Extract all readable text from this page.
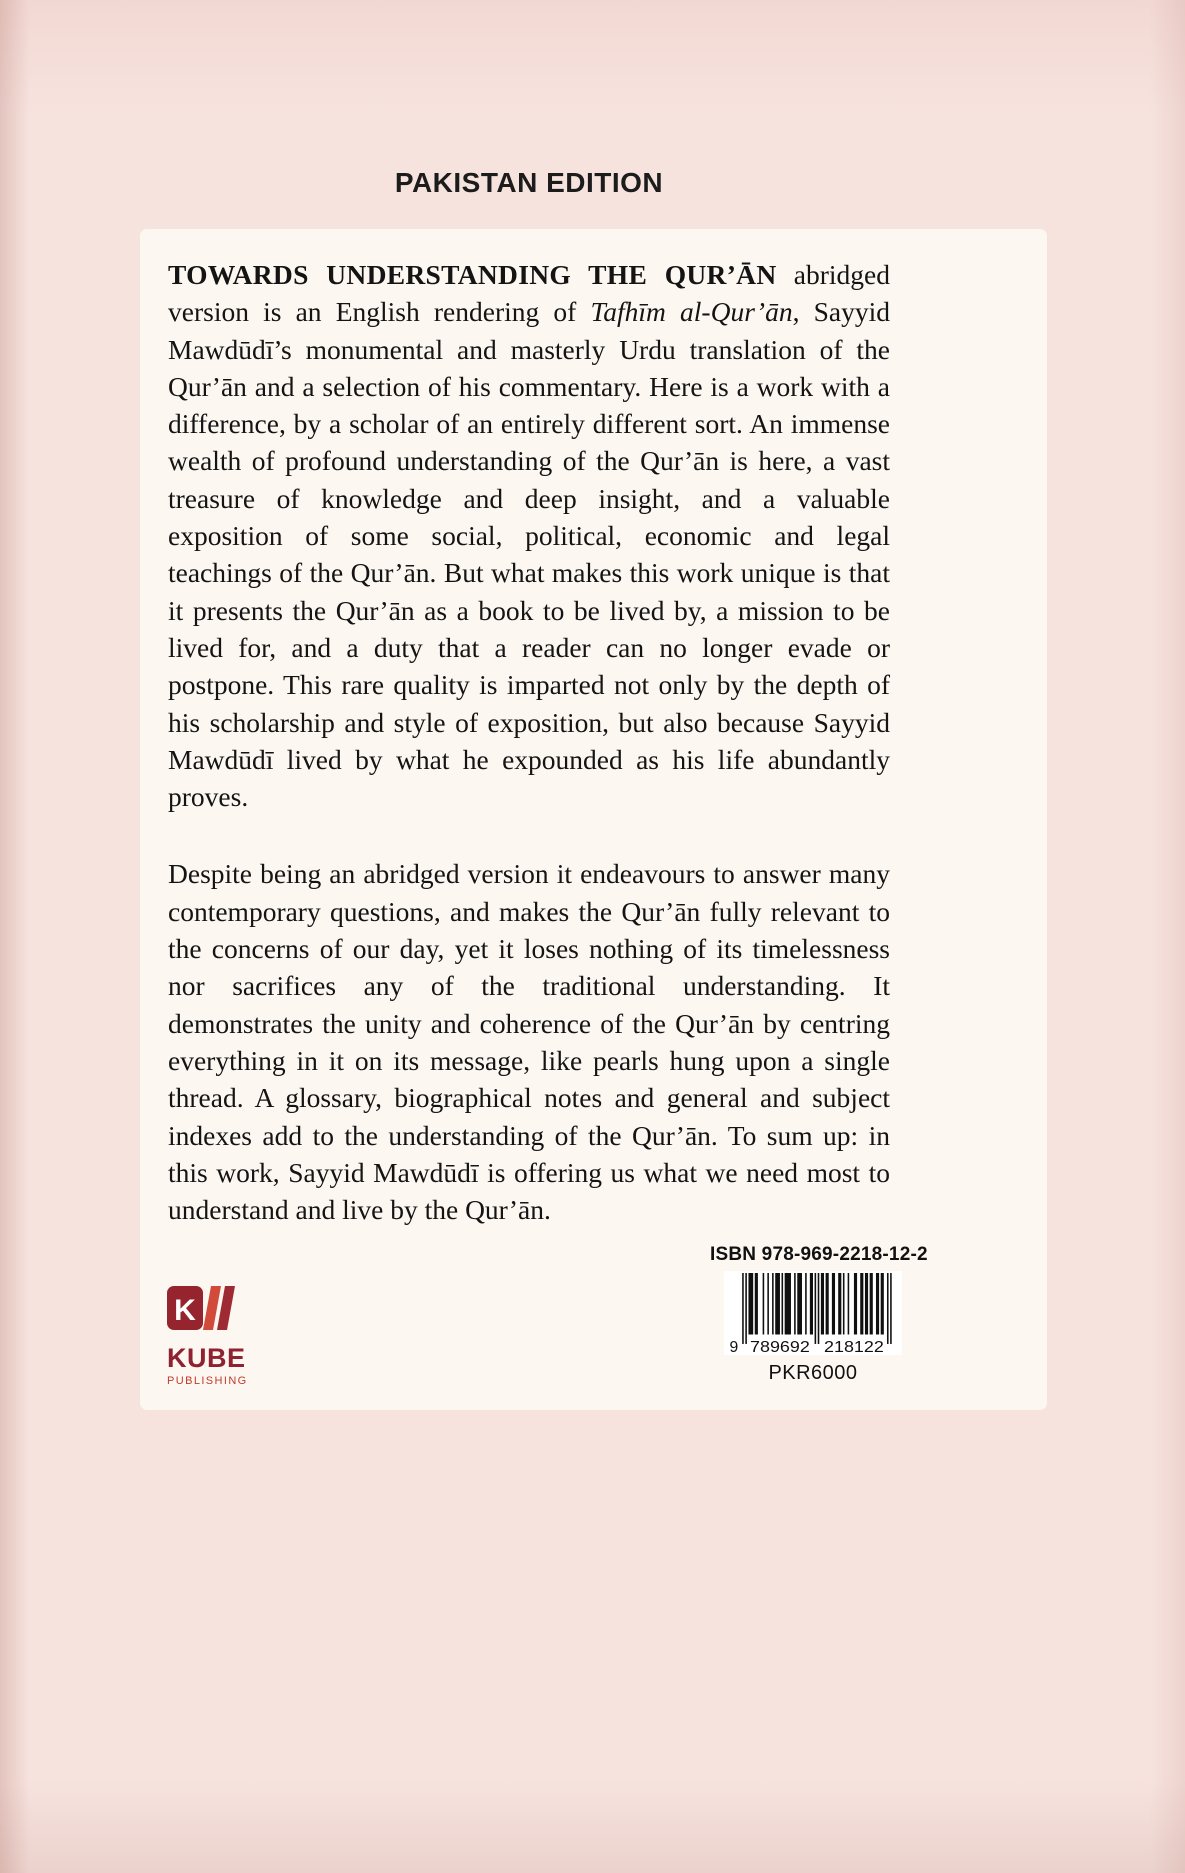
PAKISTAN EDITION

TOWARDS UNDERSTANDING THE QUR’ĀN abridged version is an English rendering of Tafhīm al-Qur’ān, Sayyid Mawdūdī’s monumental and masterly Urdu translation of the Qur’ān and a selection of his commentary. Here is a work with a difference, by a scholar of an entirely different sort. An immense wealth of profound understanding of the Qur’ān is here, a vast treasure of knowledge and deep insight, and a valuable exposition of some social, political, economic and legal teachings of the Qur’ān. But what makes this work unique is that it presents the Qur’ān as a book to be lived by, a mission to be lived for, and a duty that a reader can no longer evade or postpone. This rare quality is imparted not only by the depth of his scholarship and style of exposition, but also because Sayyid Mawdūdī lived by what he expounded as his life abundantly proves.

Despite being an abridged version it endeavours to answer many contemporary questions, and makes the Qur’ān fully relevant to the concerns of our day, yet it loses nothing of its timelessness nor sacrifices any of the traditional understanding. It demonstrates the unity and coherence of the Qur’ān by centring everything in it on its message, like pearls hung upon a single thread. A glossary, biographical notes and general and subject indexes add to the understanding of the Qur’ān. To sum up: in this work, Sayyid Mawdūdī is offering us what we need most to understand and live by the Qur’ān.

K
KUBE
PUBLISHING
ISBN 978-969-2218-12-2
9 789692 218122
PKR6000
